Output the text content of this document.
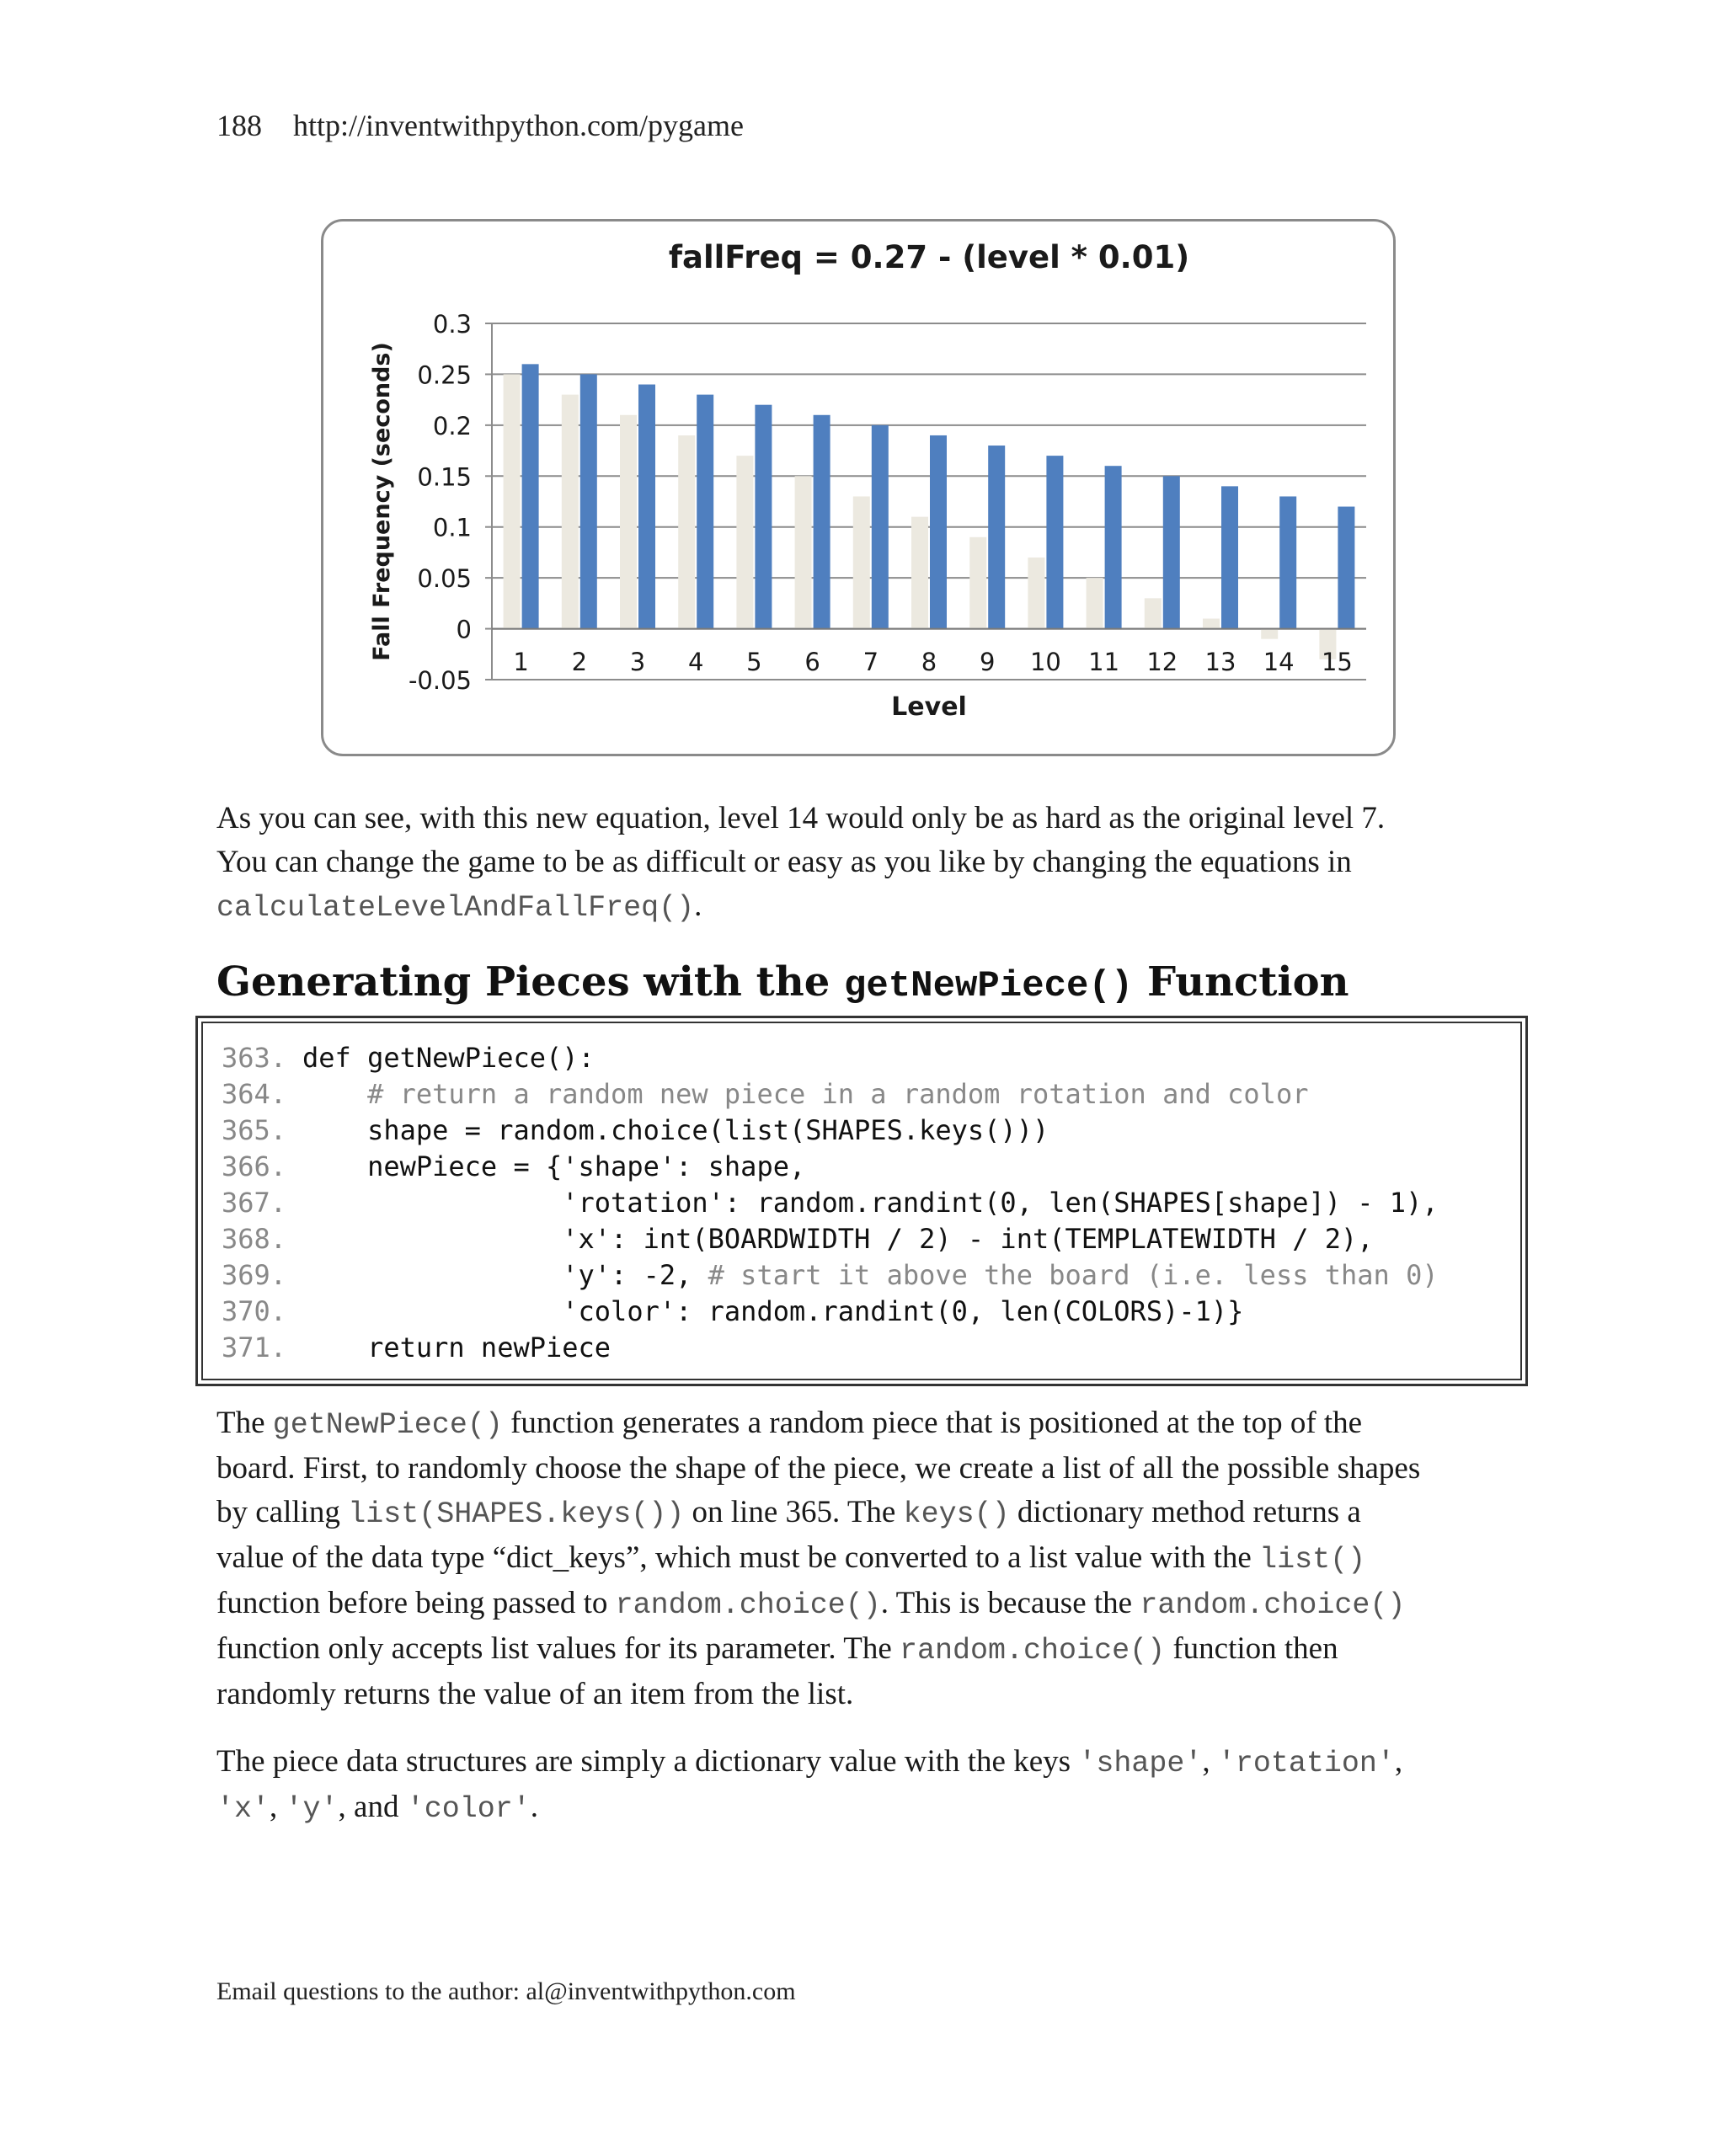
188 http://inventwithpython.com/pygame
fallFreq = 0.27 - (level * 0.01)
-0.05
0
0.05
0.1
0.15
0.2
0.25
0.3
1 2 3 4 5 6 7 8 9 10 11 12 13 14 15
Level
Fall Frequency (seconds)
As you can see, with this new equation, level 14 would only be as hard as the original level 7.
You can change the game to be as difficult or easy as you like by changing the equations in
calculateLevelAndFallFreq().
Generating Pieces with the getNewPiece() Function
363. def getNewPiece():
364.	# return a random new piece in a random rotation and color
365.    shape = random.choice(list(SHAPES.keys()))
366.    newPiece = {'shape': shape,
367.                'rotation': random.randint(0, len(SHAPES[shape]) - 1),
368.                'x': int(BOARDWIDTH / 2) - int(TEMPLATEWIDTH / 2),
369.                'y': -2, # start it above the board (i.e. less than 0)
370.                'color': random.randint(0, len(COLORS)-1)}
371.    return newPiece
The getNewPiece() function generates a random piece that is positioned at the top of the
board. First, to randomly choose the shape of the piece, we create a list of all the possible shapes
by calling list(SHAPES.keys()) on line 365. The keys() dictionary method returns a
value of the data type “dict_keys”, which must be converted to a list value with the list()
function before being passed to random.choice(). This is because the random.choice()
function only accepts list values for its parameter. The random.choice() function then
randomly returns the value of an item from the list.
The piece data structures are simply a dictionary value with the keys 'shape', 'rotation',
'x', 'y', and 'color'.
Email questions to the author: al@inventwithpython.com
